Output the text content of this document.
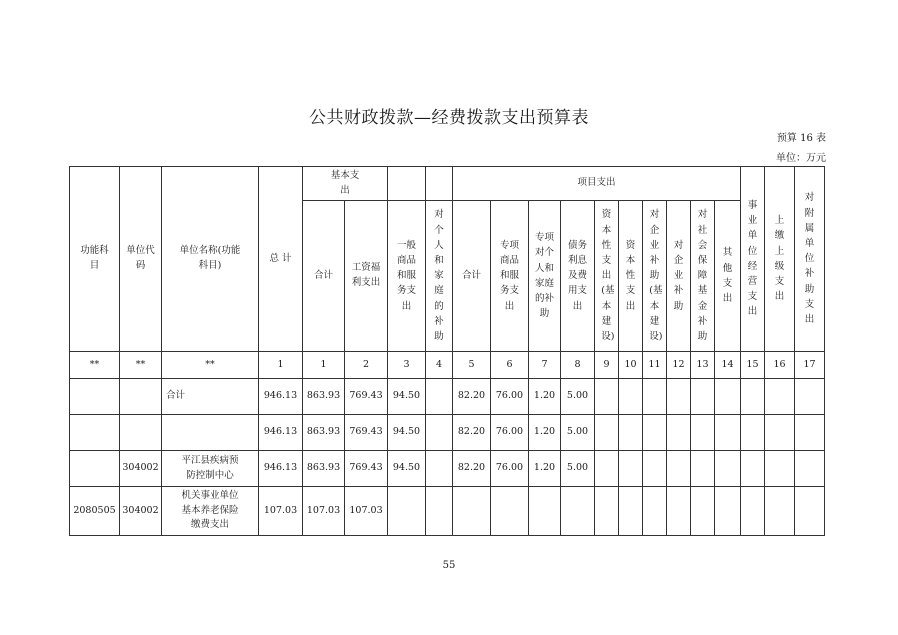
公共财政拨款—经费拨款支出预算表
预算 16 表
单位：万元
功能科目	单位代码	单位名称(功能科目)	总 计	基本支出				项目支出										事业单位经营支出	上缴上级支出	对附属单位补助支出
				合计	工资福利支出	一般商品和服务支出	对个人和家庭的补助	合计	专项商品和服务支出	专项对个人和家庭的补助	债务利息及费用支出	资本性支出(基本建设)	资本性支出	对企业补助(基本建设)	对企业补助	对社会保障基金补助	其他支出			
**	**	**	1	1	2	3	4	5	6	7	8	9	10	11	12	13	14	15	16	17
		合计	946.13	863.93	769.43	94.50		82.20	76.00	1.20	5.00									
			946.13	863.93	769.43	94.50		82.20	76.00	1.20	5.00									
	304002	平江县疾病预防控制中心	946.13	863.93	769.43	94.50		82.20	76.00	1.20	5.00									
2080505	304002	机关事业单位基本养老保险缴费支出	107.03	107.03	107.03															
55
